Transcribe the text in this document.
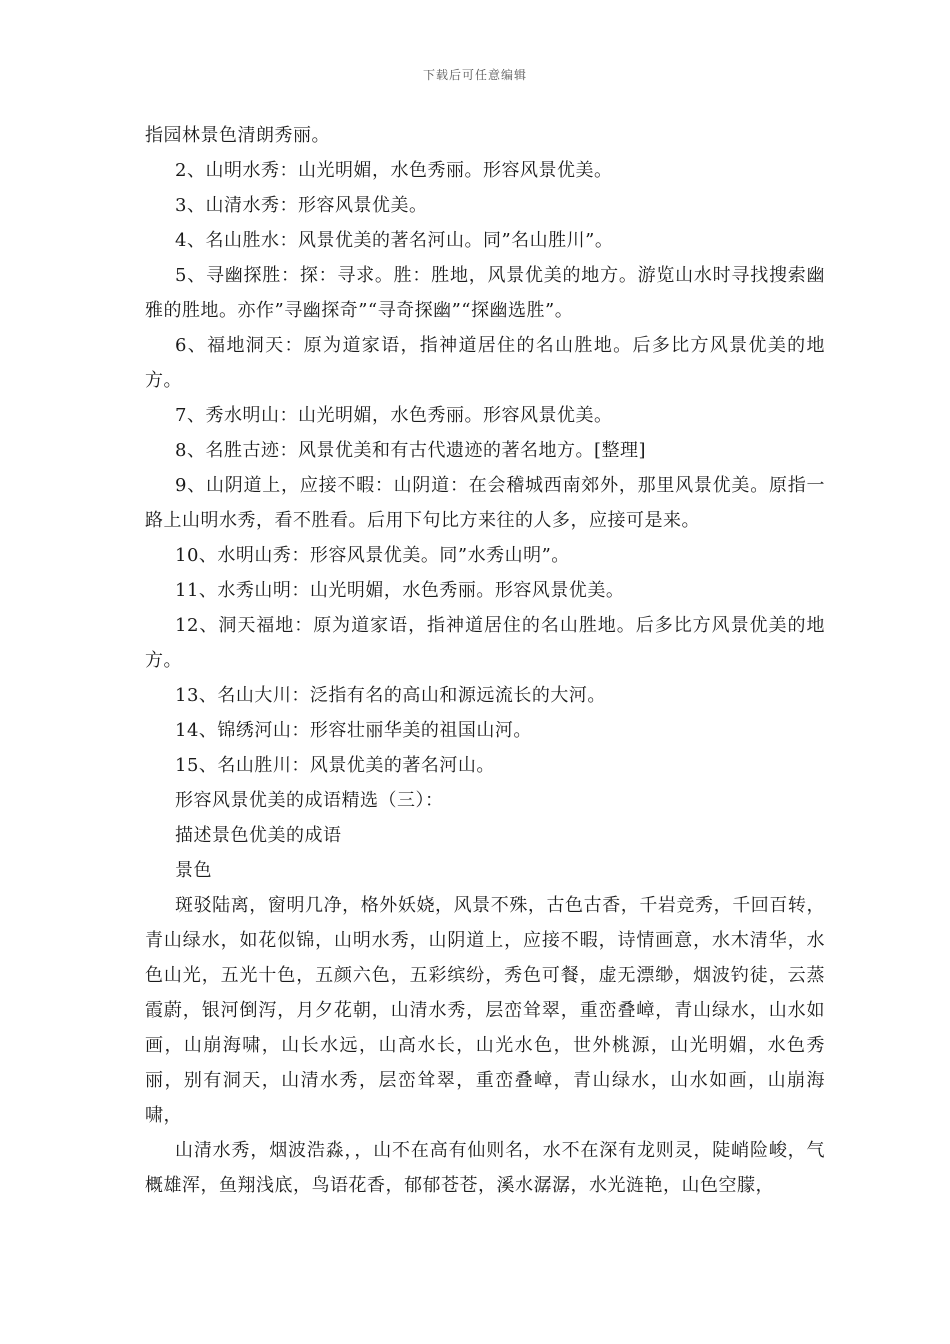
下载后可任意编辑

指园林景色清朗秀丽。

2、山明水秀：山光明媚，水色秀丽。形容风景优美。

3、山清水秀：形容风景优美。

4、名山胜水：风景优美的著名河山。同”名山胜川”。

5、寻幽探胜：探：寻求。胜：胜地，风景优美的地方。游览山水时寻找搜索幽雅的胜地。亦作”寻幽探奇”“寻奇探幽”“探幽选胜”。

6、福地洞天：原为道家语，指神道居住的名山胜地。后多比方风景优美的地方。

7、秀水明山：山光明媚，水色秀丽。形容风景优美。

8、名胜古迹：风景优美和有古代遗迹的著名地方。[整理]

9、山阴道上，应接不暇：山阴道：在会稽城西南郊外，那里风景优美。原指一路上山明水秀，看不胜看。后用下句比方来往的人多，应接可是来。

10、水明山秀：形容风景优美。同”水秀山明”。

11、水秀山明：山光明媚，水色秀丽。形容风景优美。

12、洞天福地：原为道家语，指神道居住的名山胜地。后多比方风景优美的地方。

13、名山大川：泛指有名的高山和源远流长的大河。

14、锦绣河山：形容壮丽华美的祖国山河。

15、名山胜川：风景优美的著名河山。

形容风景优美的成语精选（三）：

描述景色优美的成语

景色

斑驳陆离，窗明几净，格外妖娆，风景不殊，古色古香，千岩竞秀，千回百转，青山绿水，如花似锦，山明水秀，山阴道上，应接不暇，诗情画意，水木清华，水色山光，五光十色，五颜六色，五彩缤纷，秀色可餐，虚无漂缈，烟波钓徒，云蒸霞蔚，银河倒泻，月夕花朝，山清水秀，层峦耸翠，重峦叠嶂，青山绿水，山水如画，山崩海啸，山长水远，山高水长，山光水色，世外桃源，山光明媚，水色秀丽，别有洞天，山清水秀，层峦耸翠，重峦叠嶂，青山绿水，山水如画，山崩海啸，

山清水秀，烟波浩淼，，山不在高有仙则名，水不在深有龙则灵，陡峭险峻，气概雄浑，鱼翔浅底，鸟语花香，郁郁苍苍，溪水潺潺，水光涟艳，山色空朦，
